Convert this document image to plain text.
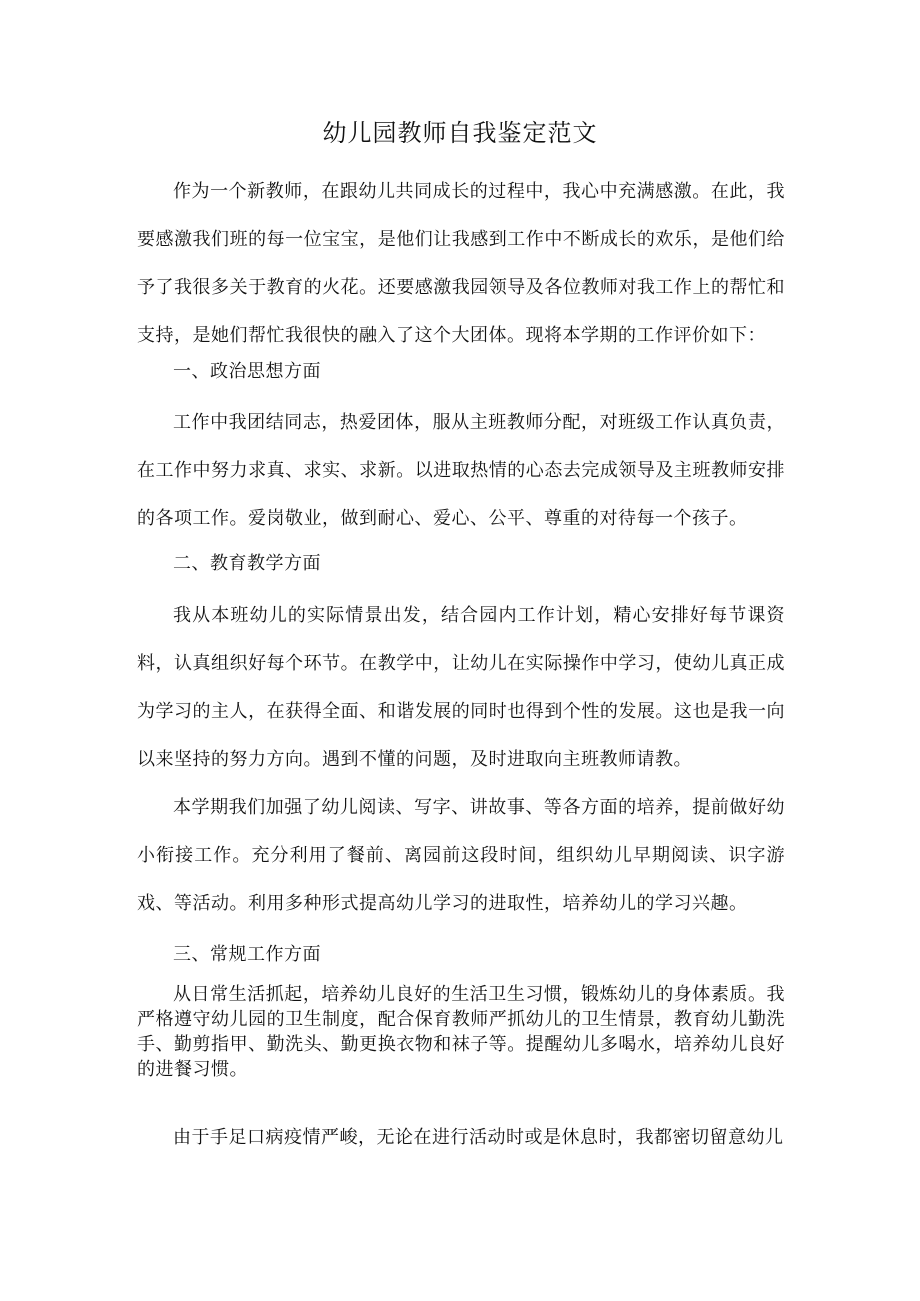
幼儿园教师自我鉴定范文

作为一个新教师，在跟幼儿共同成长的过程中，我心中充满感激。在此，我要感激我们班的每一位宝宝，是他们让我感到工作中不断成长的欢乐，是他们给予了我很多关于教育的火花。还要感激我园领导及各位教师对我工作上的帮忙和支持，是她们帮忙我很快的融入了这个大团体。现将本学期的工作评价如下：

一、政治思想方面

工作中我团结同志，热爱团体，服从主班教师分配，对班级工作认真负责，在工作中努力求真、求实、求新。以进取热情的心态去完成领导及主班教师安排的各项工作。爱岗敬业，做到耐心、爱心、公平、尊重的对待每一个孩子。

二、教育教学方面

我从本班幼儿的实际情景出发，结合园内工作计划，精心安排好每节课资料，认真组织好每个环节。在教学中，让幼儿在实际操作中学习，使幼儿真正成为学习的主人，在获得全面、和谐发展的同时也得到个性的发展。这也是我一向以来坚持的努力方向。遇到不懂的问题，及时进取向主班教师请教。

本学期我们加强了幼儿阅读、写字、讲故事、等各方面的培养，提前做好幼小衔接工作。充分利用了餐前、离园前这段时间，组织幼儿早期阅读、识字游戏、等活动。利用多种形式提高幼儿学习的进取性，培养幼儿的学习兴趣。

三、常规工作方面

从日常生活抓起，培养幼儿良好的生活卫生习惯，锻炼幼儿的身体素质。我严格遵守幼儿园的卫生制度，配合保育教师严抓幼儿的卫生情景，教育幼儿勤洗手、勤剪指甲、勤洗头、勤更换衣物和袜子等。提醒幼儿多喝水，培养幼儿良好的进餐习惯。

由于手足口病疫情严峻，无论在进行活动时或是休息时，我都密切留意幼儿
